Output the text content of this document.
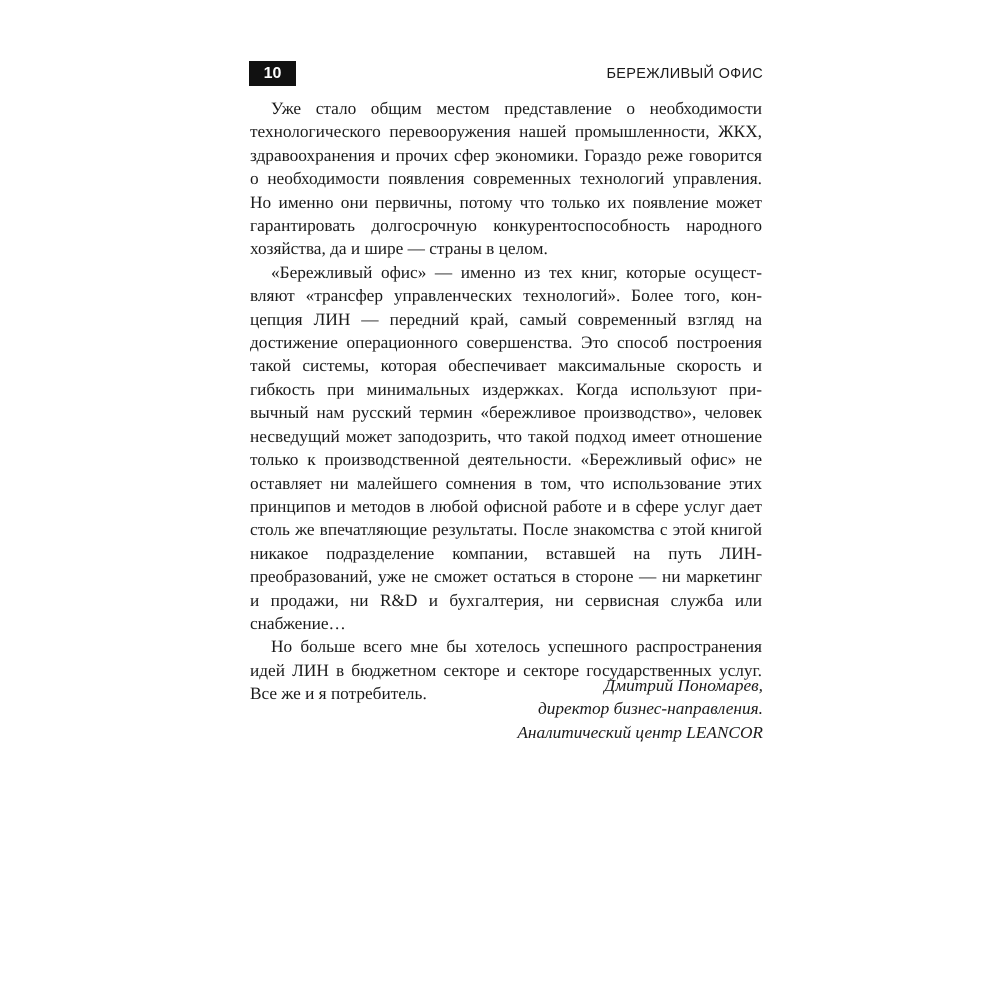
10	БЕРЕЖЛИВЫЙ ОФИС

Уже стало общим местом представление о необходимости технологического перевооружения нашей промышленности, ЖКХ, здравоохранения и прочих сфер экономики. Гораздо реже говорится о необходимости появления современных технологий управления. Но именно они первичны, потому что только их появление может гарантировать долгосрочную конкурентоспособность народного хозяйства, да и шире — страны в целом.

«Бережливый офис» — именно из тех книг, которые осуществляют «трансфер управленческих технологий». Более того, концепция ЛИН — передний край, самый современный взгляд на достижение операционного совершенства. Это способ построения такой системы, которая обеспечивает максимальные скорость и гибкость при минимальных издержках. Когда используют привычный нам русский термин «бережливое производство», человек несведущий может заподозрить, что такой подход имеет отношение только к производственной деятельности. «Бережливый офис» не оставляет ни малейшего сомнения в том, что использование этих принципов и методов в любой офисной работе и в сфере услуг дает столь же впечатляющие результаты. После знакомства с этой книгой никакое подразделение компании, вставшей на путь ЛИН-преобразований, уже не сможет остаться в стороне — ни маркетинг и продажи, ни R&D и бухгалтерия, ни сервисная служба или снабжение…

Но больше всего мне бы хотелось успешного распространения идей ЛИН в бюджетном секторе и секторе государственных услуг. Все же и я потребитель.	Дмитрий Пономарев,
директор бизнес-направления.
Аналитический центр LEANCOR
